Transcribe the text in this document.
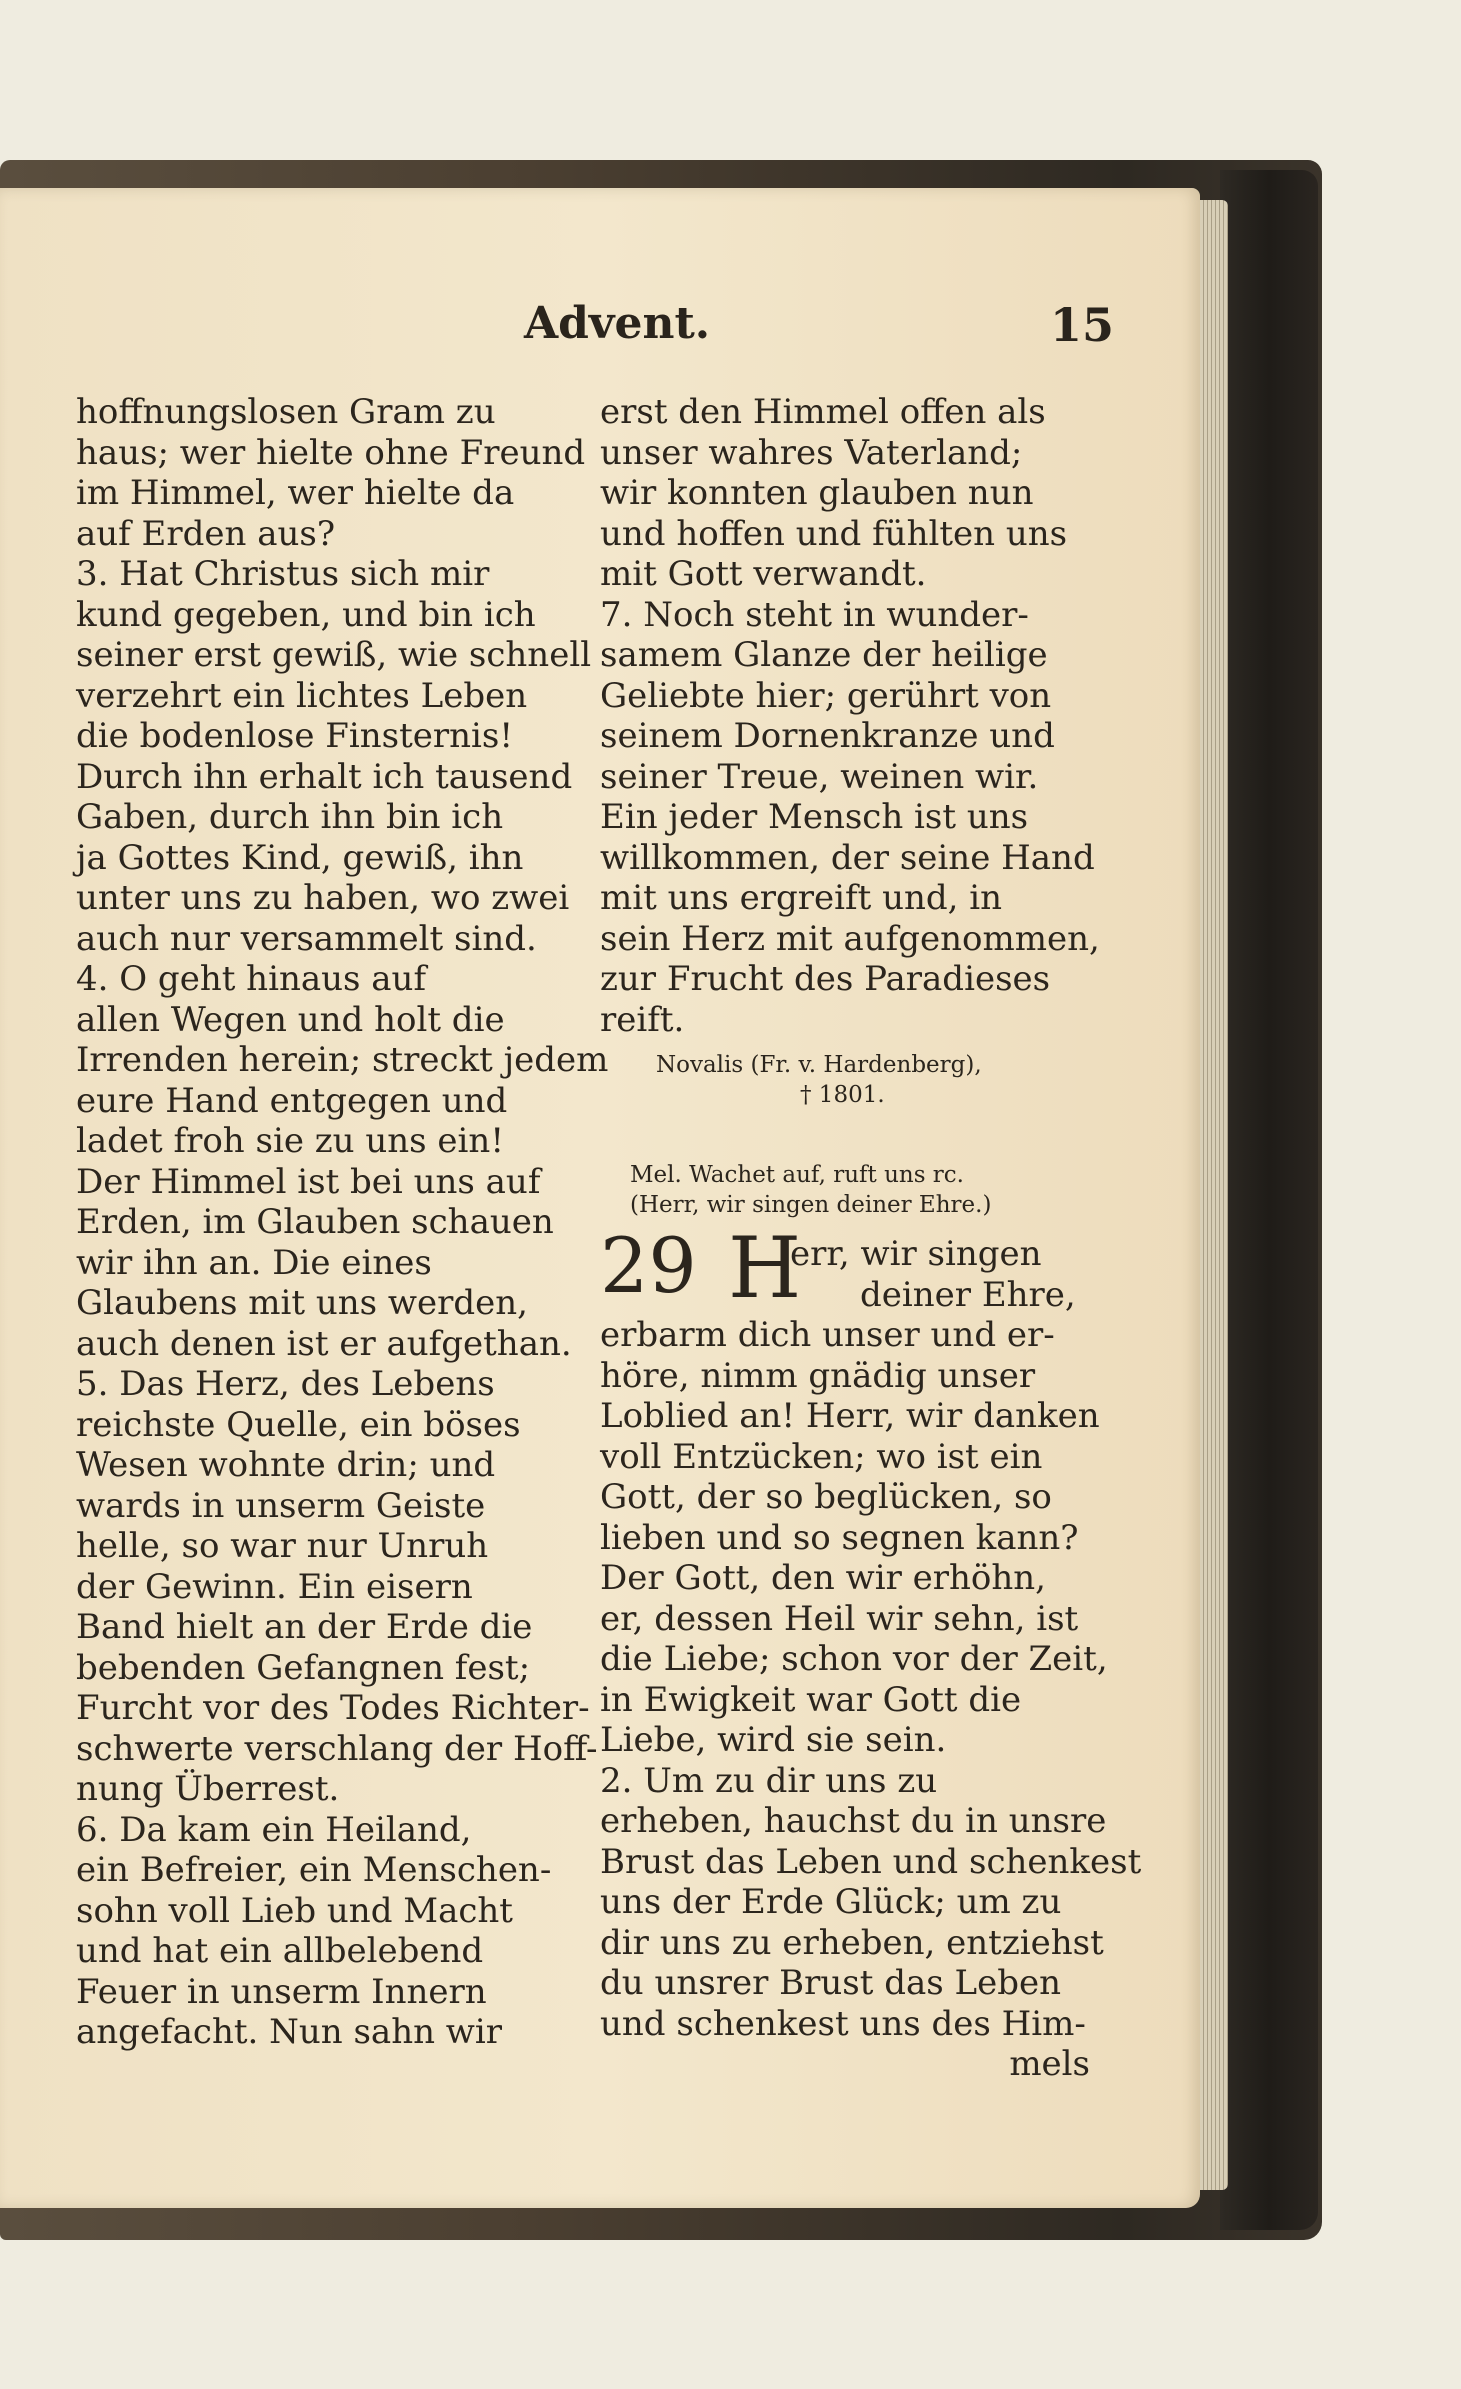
Advent.	15
hoffnungslosen Gram zu
haus; wer hielte ohne Freund
im Himmel, wer hielte da
auf Erden aus?
3. Hat Christus sich mir
kund gegeben, und bin ich
seiner erst gewiß, wie schnell
verzehrt ein lichtes Leben
die bodenlose Finsternis!
Durch ihn erhalt ich tausend
Gaben, durch ihn bin ich
ja Gottes Kind, gewiß, ihn
unter uns zu haben, wo zwei
auch nur versammelt sind.
4. O geht hinaus auf
allen Wegen und holt die
Irrenden herein; streckt jedem
eure Hand entgegen und
ladet froh sie zu uns ein!
Der Himmel ist bei uns auf
Erden, im Glauben schauen
wir ihn an. Die eines
Glaubens mit uns werden,
auch denen ist er aufgethan.
5. Das Herz, des Lebens
reichste Quelle, ein böses
Wesen wohnte drin; und
wards in unserm Geiste
helle, so war nur Unruh
der Gewinn. Ein eisern
Band hielt an der Erde die
bebenden Gefangnen fest;
Furcht vor des Todes Richter-
schwerte verschlang der Hoff-
nung Überrest.
6. Da kam ein Heiland,
ein Befreier, ein Menschen-
sohn voll Lieb und Macht
und hat ein allbelebend
Feuer in unserm Innern
angefacht. Nun sahn wir
erst den Himmel offen als
unser wahres Vaterland;
wir konnten glauben nun
und hoffen und fühlten uns
mit Gott verwandt.
7. Noch steht in wunder-
samem Glanze der heilige
Geliebte hier; gerührt von
seinem Dornenkranze und
seiner Treue, weinen wir.
Ein jeder Mensch ist uns
willkommen, der seine Hand
mit uns ergreift und, in
sein Herz mit aufgenommen,
zur Frucht des Paradieses
reift.
Novalis (Fr. v. Hardenberg),
† 1801.
Mel. Wachet auf, ruft uns rc.
(Herr, wir singen deiner Ehre.)
29 H
err, wir singen
deiner Ehre,
erbarm dich unser und er-
höre, nimm gnädig unser
Loblied an! Herr, wir danken
voll Entzücken; wo ist ein
Gott, der so beglücken, so
lieben und so segnen kann?
Der Gott, den wir erhöhn,
er, dessen Heil wir sehn, ist
die Liebe; schon vor der Zeit,
in Ewigkeit war Gott die
Liebe, wird sie sein.
2. Um zu dir uns zu
erheben, hauchst du in unsre
Brust das Leben und schenkest
uns der Erde Glück; um zu
dir uns zu erheben, entziehst
du unsrer Brust das Leben
und schenkest uns des Him-
mels
